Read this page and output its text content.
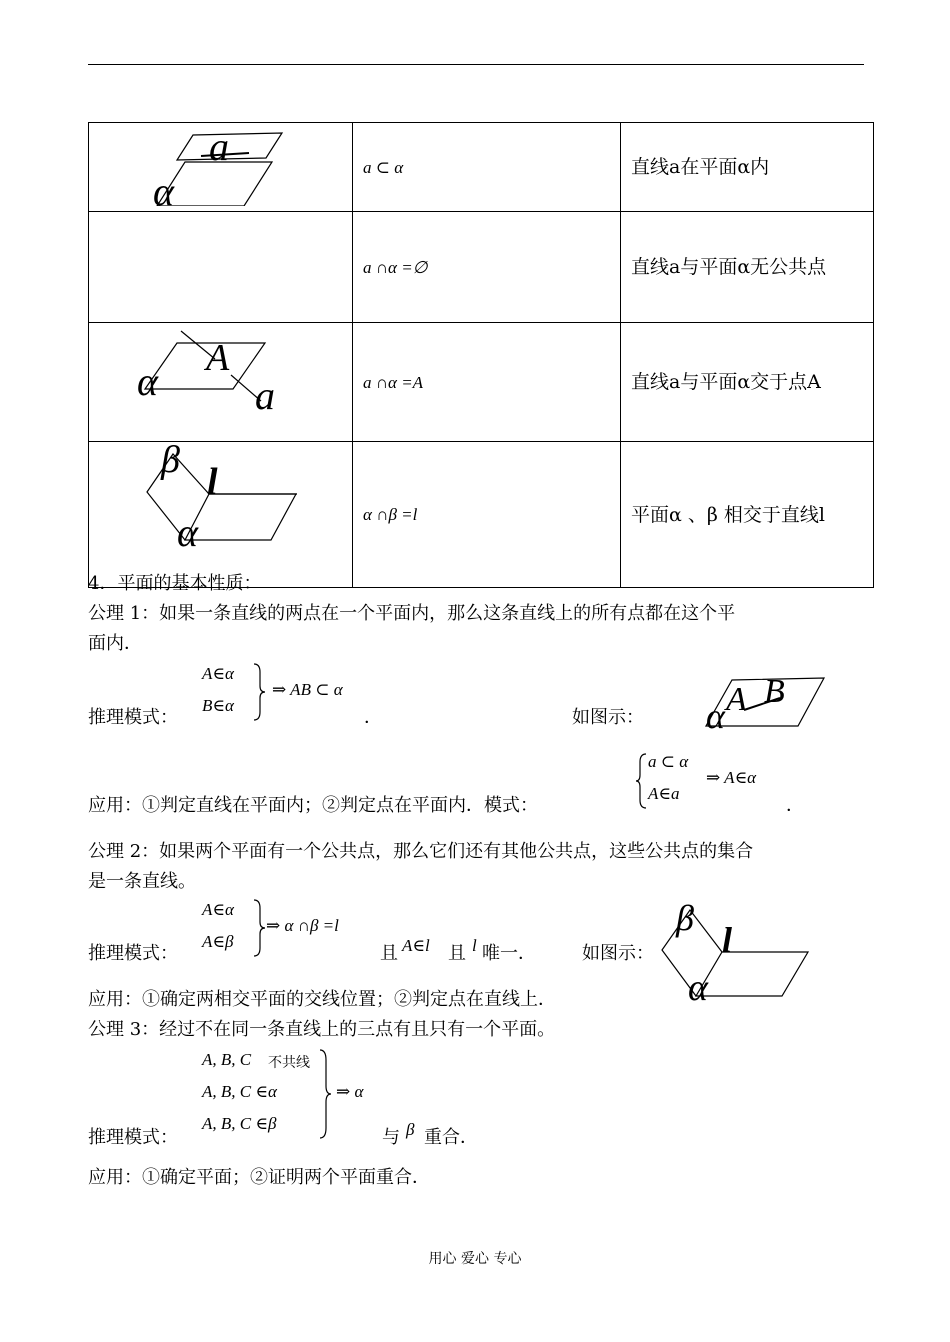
a
α	a ⊂ α	直线a在平面α内

	a ∩α =∅	直线a与平面α无公共点

A
α a	a ∩α =A	直线a与平面α交于点A

β
l
α	α ∩β =l	平面α 、β 相交于直线l
4．平面的基本性质：
公理 1：如果一条直线的两点在一个平面内，那么这条直线上的所有点都在这个平
面内．
A∈α
B∈α
⇒ AB ⊂ α
推理模式：	．	如图示： A B
α
应用：①判定直线在平面内；②判定点在平面内．模式：
a ⊂ α
A∈a
⇒ A∈α
．
公理 2：如果两个平面有一个公共点，那么它们还有其他公共点，这些公共点的集合
是一条直线。
A∈α
A∈β
⇒ α ∩β =l
推理模式：	且 A∈l 且 l 唯一．	如图示：
β
l
α
应用：①确定两相交平面的交线位置；②判定点在直线上．
公理 3：经过不在同一条直线上的三点有且只有一个平面。
A, B, C 不共线
A, B, C ∈α
A, B, C ∈β
⇒ α
推理模式：	与 β 重合．
应用：①确定平面；②证明两个平面重合．
用心 爱心 专心
